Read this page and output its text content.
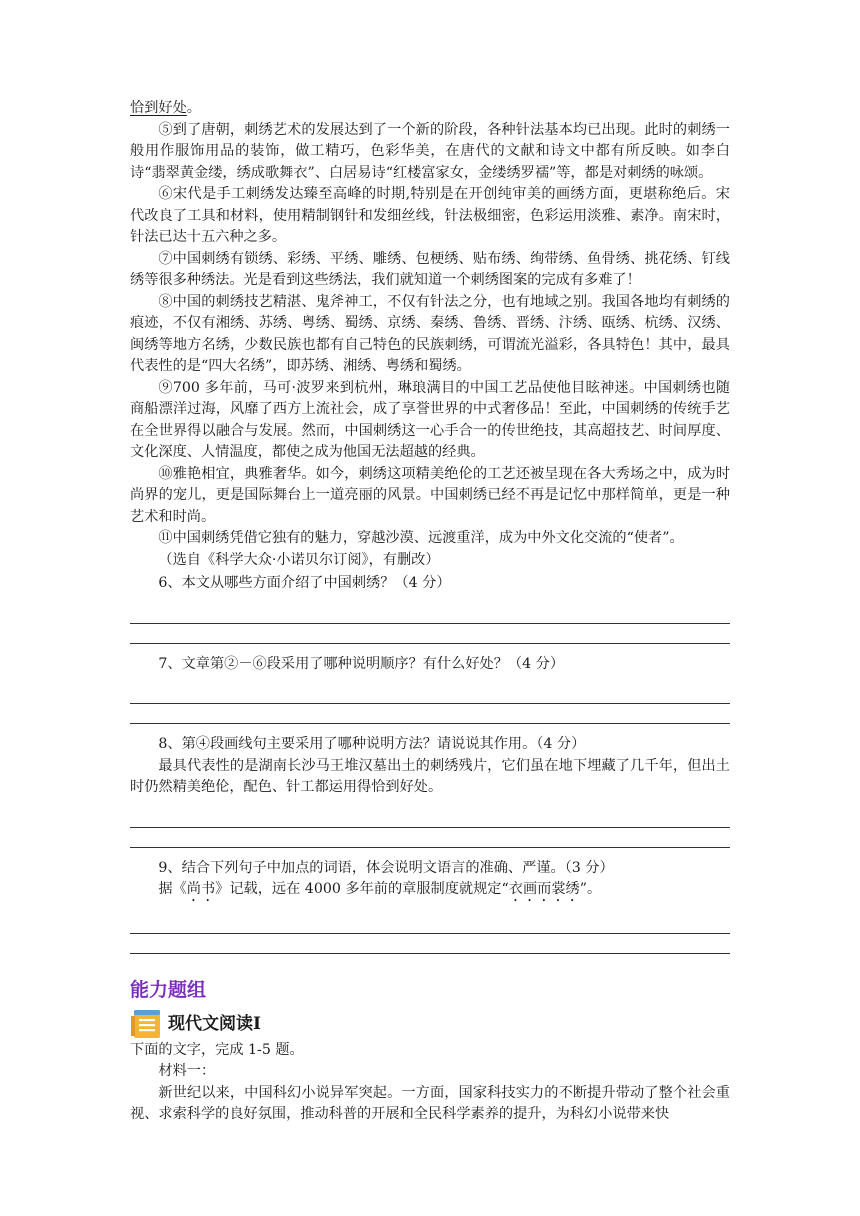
恰到好处。

⑤到了唐朝，刺绣艺术的发展达到了一个新的阶段，各种针法基本均已出现。此时的刺绣一般用作服饰用品的装饰，做工精巧，色彩华美，在唐代的文献和诗文中都有所反映。如李白诗“翡翠黄金缕，绣成歌舞衣”、白居易诗“红楼富家女，金缕绣罗襦”等，都是对刺绣的咏颂。

⑥宋代是手工刺绣发达臻至高峰的时期,特别是在开创纯审美的画绣方面，更堪称绝后。宋代改良了工具和材料，使用精制钢针和发细丝线，针法极细密，色彩运用淡雅、素净。南宋时，针法已达十五六种之多。

⑦中国刺绣有锁绣、彩绣、平绣、雕绣、包梗绣、贴布绣、绚带绣、鱼骨绣、挑花绣、钉线绣等很多种绣法。光是看到这些绣法，我们就知道一个刺绣图案的完成有多难了！

⑧中国的刺绣技艺精湛、鬼斧神工，不仅有针法之分，也有地域之别。我国各地均有刺绣的痕迹，不仅有湘绣、苏绣、粤绣、蜀绣、京绣、秦绣、鲁绣、晋绣、汴绣、瓯绣、杭绣、汉绣、闽绣等地方名绣，少数民族也都有自己特色的民族刺绣，可谓流光溢彩，各具特色！其中，最具代表性的是“四大名绣”，即苏绣、湘绣、粤绣和蜀绣。

⑨700 多年前，马可·波罗来到杭州，琳琅满目的中国工艺品使他目眩神迷。中国刺绣也随商船漂洋过海，风靡了西方上流社会，成了享誉世界的中式奢侈品！至此，中国刺绣的传统手艺在全世界得以融合与发展。然而，中国刺绣这一心手合一的传世绝技，其高超技艺、时间厚度、文化深度、人情温度，都使之成为他国无法超越的经典。

⑩雅艳相宜，典雅奢华。如今，刺绣这项精美绝伦的工艺还被呈现在各大秀场之中，成为时尚界的宠儿，更是国际舞台上一道亮丽的风景。中国刺绣已经不再是记忆中那样简单，更是一种艺术和时尚。

⑪中国刺绣凭借它独有的魅力，穿越沙漠、远渡重洋，成为中外文化交流的“使者”。

（选自《科学大众·小诺贝尔订阅》，有删改）

6、本文从哪些方面介绍了中国刺绣？（4 分）

7、文章第②－⑥段采用了哪种说明顺序？有什么好处？（4 分）

8、第④段画线句主要采用了哪种说明方法？请说说其作用。（4 分）

最具代表性的是湖南长沙马王堆汉墓出土的刺绣残片，它们虽在地下埋藏了几千年，但出土时仍然精美绝伦，配色、针工都运用得恰到好处。

9、结合下列句子中加点的词语，体会说明文语言的准确、严谨。（3 分）

据《尚书》记载，远在 4000 多年前的章服制度就规定“衣画而裳绣”。

能力题组
现代文阅读Ⅰ

下面的文字，完成 1-5 题。

材料一：

新世纪以来，中国科幻小说异军突起。一方面，国家科技实力的不断提升带动了整个社会重视、求索科学的良好氛围，推动科普的开展和全民科学素养的提升，为科幻小说带来快
